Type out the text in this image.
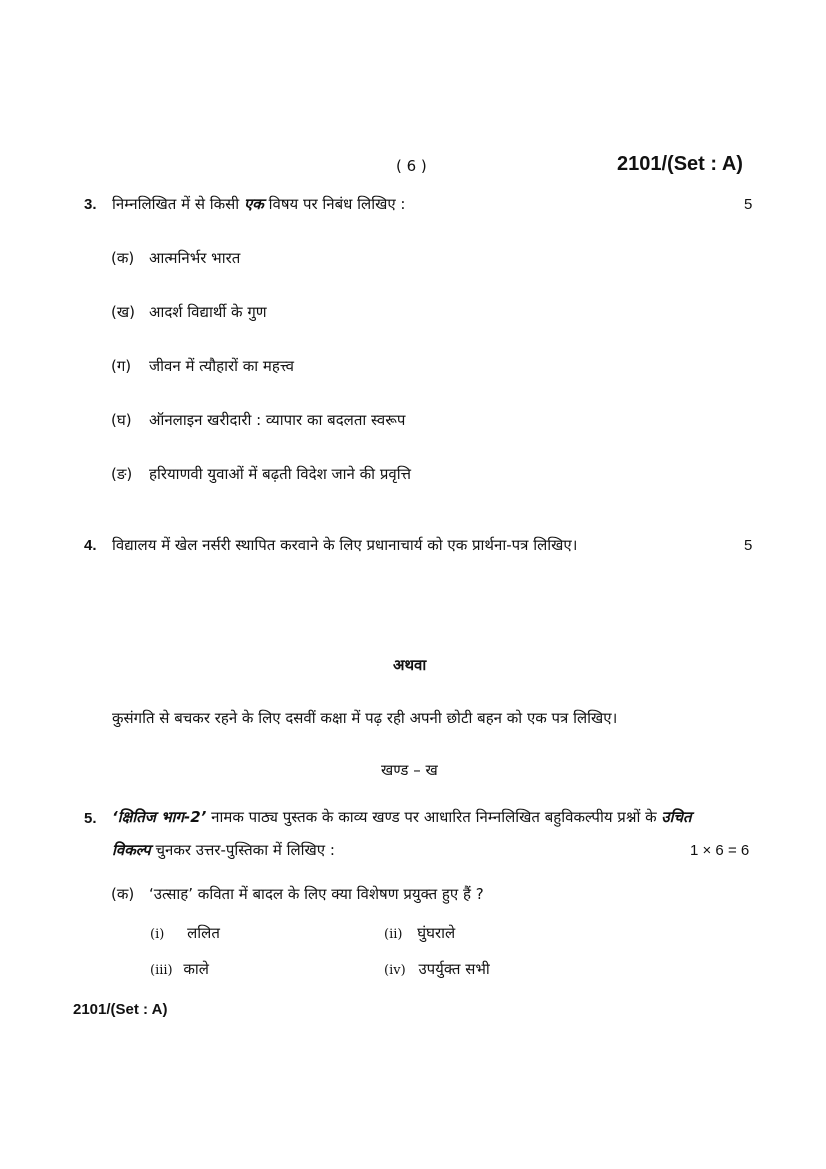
( 6 )	2101/(Set : A)
3. निम्नलिखित में से किसी एक विषय पर निबंध लिखिए :	5
(क) आत्मनिर्भर भारत
(ख) आदर्श विद्यार्थी के गुण
(ग) जीवन में त्यौहारों का महत्त्व
(घ) ऑनलाइन खरीदारी : व्यापार का बदलता स्वरूप
(ङ) हरियाणवी युवाओं में बढ़ती विदेश जाने की प्रवृत्ति
4. विद्यालय में खेल नर्सरी स्थापित करवाने के लिए प्रधानाचार्य को एक प्रार्थना-पत्र लिखिए।	5
अथवा
कुसंगति से बचकर रहने के लिए दसवीं कक्षा में पढ़ रही अपनी छोटी बहन को एक पत्र लिखिए।
खण्ड – ख
5. ‘क्षितिज भाग-2’ नामक पाठ्य पुस्तक के काव्य खण्ड पर आधारित निम्नलिखित बहुविकल्पीय प्रश्नों के उचित
विकल्प चुनकर उत्तर-पुस्तिका में लिखिए :	1 × 6 = 6
(क) ‘उत्साह’ कविता में बादल के लिए क्या विशेषण प्रयुक्त हुए हैं ?
(i) ललित	(ii) घुंघराले
(iii) काले	(iv) उपर्युक्त सभी
2101/(Set : A)
